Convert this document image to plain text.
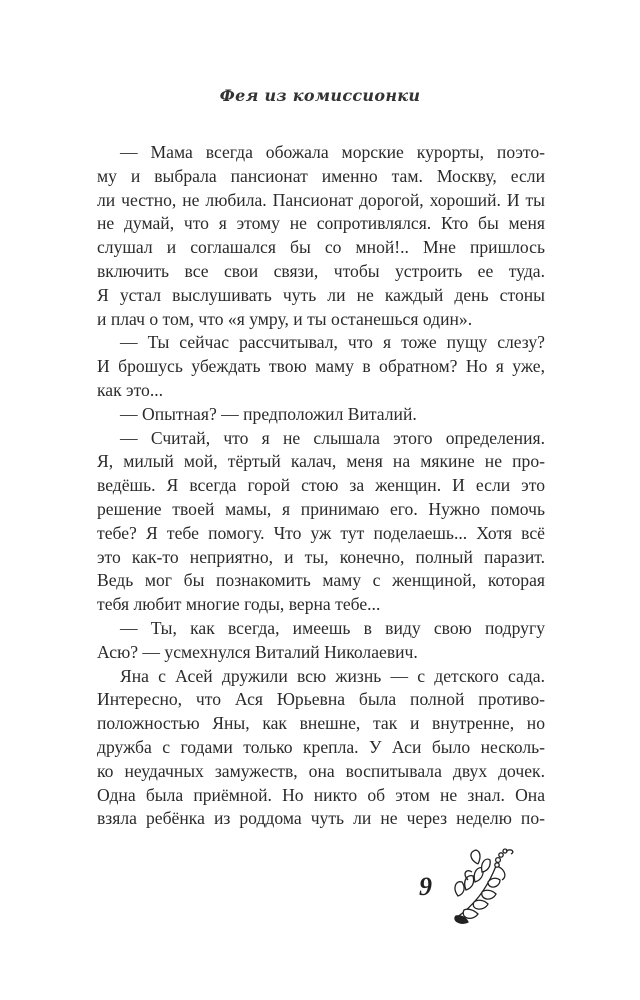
Фея из комиссионки
— Мама всегда обожала морские курорты, поэто-
му и выбрала пансионат именно там. Москву, если
ли честно, не любила. Пансионат дорогой, хороший. И ты
не думай, что я этому не сопротивлялся. Кто бы меня
слушал и соглашался бы со мной!.. Мне пришлось
включить все свои связи, чтобы устроить ее туда.
Я устал выслушивать чуть ли не каждый день стоны
и плач о том, что «я умру, и ты останешься один».
— Ты сейчас рассчитывал, что я тоже пущу слезу?
И брошусь убеждать твою маму в обратном? Но я уже,
как это...
— Опытная? — предположил Виталий.
— Считай, что я не слышала этого определения.
Я, милый мой, тёртый калач, меня на мякине не про-
ведёшь. Я всегда горой стою за женщин. И если это
решение твоей мамы, я принимаю его. Нужно помочь
тебе? Я тебе помогу. Что уж тут поделаешь... Хотя всё
это как-то неприятно, и ты, конечно, полный паразит.
Ведь мог бы познакомить маму с женщиной, которая
тебя любит многие годы, верна тебе...
— Ты, как всегда, имеешь в виду свою подругу
Асю? — усмехнулся Виталий Николаевич.
Яна с Асей дружили всю жизнь — с детского сада.
Интересно, что Ася Юрьевна была полной противо-
положностью Яны, как внешне, так и внутренне, но
дружба с годами только крепла. У Аси было несколь-
ко неудачных замужеств, она воспитывала двух дочек.
Одна была приёмной. Но никто об этом не знал. Она
взяла ребёнка из роддома чуть ли не через неделю по-
9
